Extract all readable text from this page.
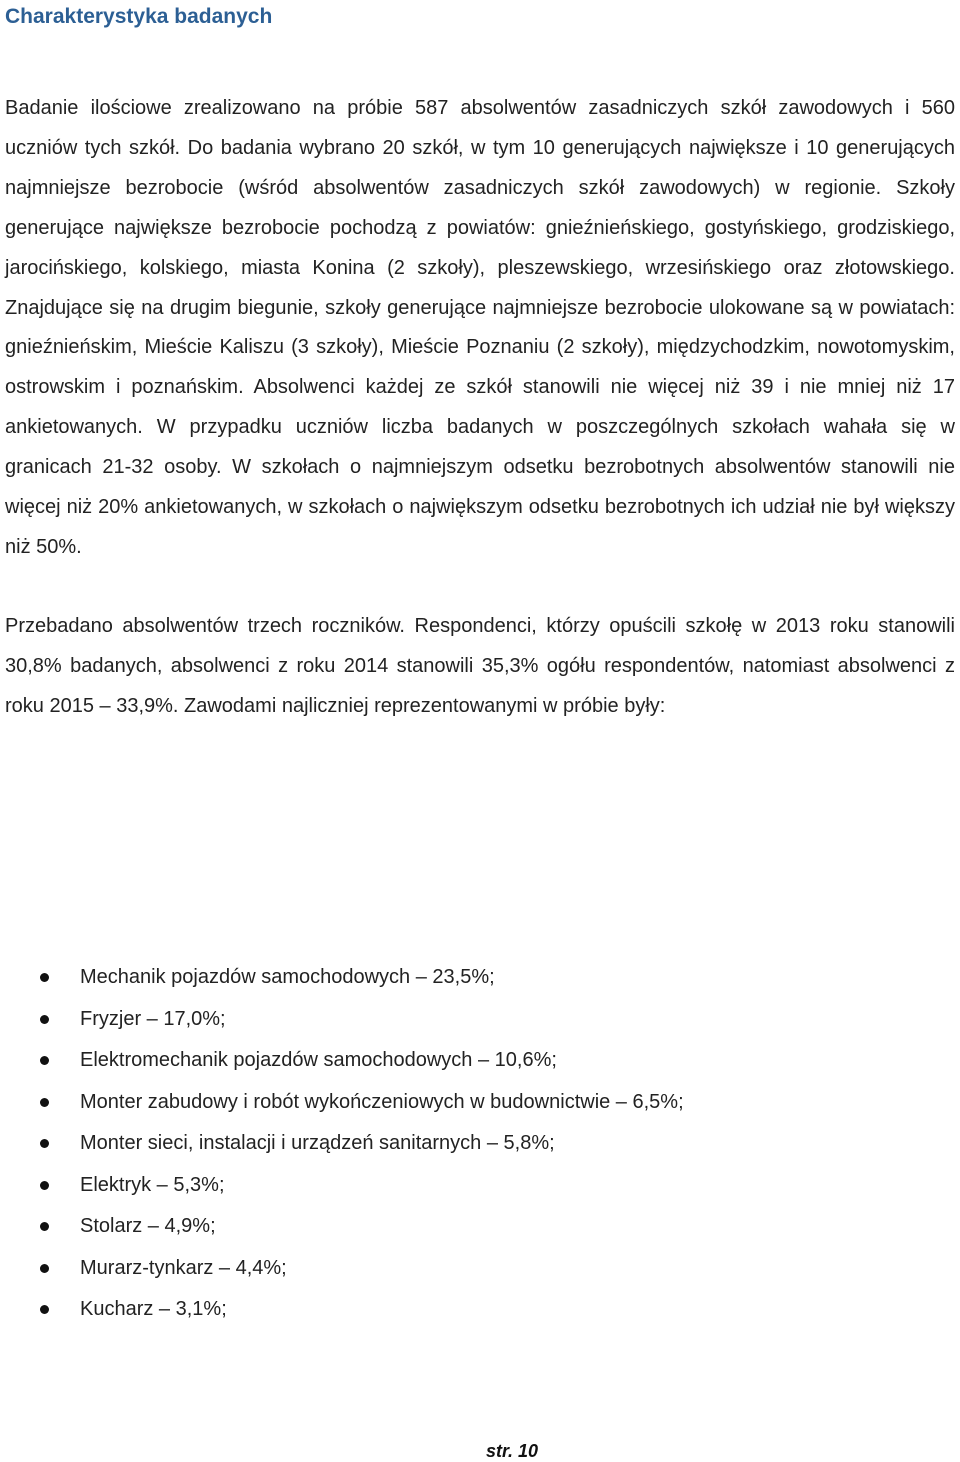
Charakterystyka badanych

Badanie ilościowe zrealizowano na próbie 587 absolwentów zasadniczych szkół zawodowych i 560 uczniów tych szkół. Do badania wybrano 20 szkół, w tym 10 generujących największe i 10 generujących najmniejsze bezrobocie (wśród absolwentów zasadniczych szkół zawodowych) w regionie. Szkoły generujące największe bezrobocie pochodzą z powiatów: gnieźnieńskiego, gostyńskiego, grodziskiego, jarocińskiego, kolskiego, miasta Konina (2 szkoły), pleszewskiego, wrzesińskiego oraz złotowskiego. Znajdujące się na drugim biegunie, szkoły generujące najmniejsze bezrobocie ulokowane są w powiatach: gnieźnieńskim, Mieście Kaliszu (3 szkoły), Mieście Poznaniu (2 szkoły), międzychodzkim, nowotomyskim, ostrowskim i poznańskim. Absolwenci każdej ze szkół stanowili nie więcej niż 39 i nie mniej niż 17 ankietowanych. W przypadku uczniów liczba badanych w poszczególnych szkołach wahała się w granicach 21-32 osoby. W szkołach o najmniejszym odsetku bezrobotnych absolwentów stanowili nie więcej niż 20% ankietowanych, w szkołach o największym odsetku bezrobotnych ich udział nie był większy niż 50%.

Przebadano absolwentów trzech roczników. Respondenci, którzy opuścili szkołę w 2013 roku stanowili 30,8% badanych, absolwenci z roku 2014 stanowili 35,3% ogółu respondentów, natomiast absolwenci z roku 2015 – 33,9%. Zawodami najliczniej reprezentowanymi w próbie były:

Mechanik pojazdów samochodowych – 23,5%;
Fryzjer – 17,0%;
Elektromechanik pojazdów samochodowych – 10,6%;
Monter zabudowy i robót wykończeniowych w budownictwie – 6,5%;
Monter sieci, instalacji i urządzeń sanitarnych – 5,8%;
Elektryk – 5,3%;
Stolarz – 4,9%;
Murarz-tynkarz – 4,4%;
Kucharz – 3,1%;
str. 10
